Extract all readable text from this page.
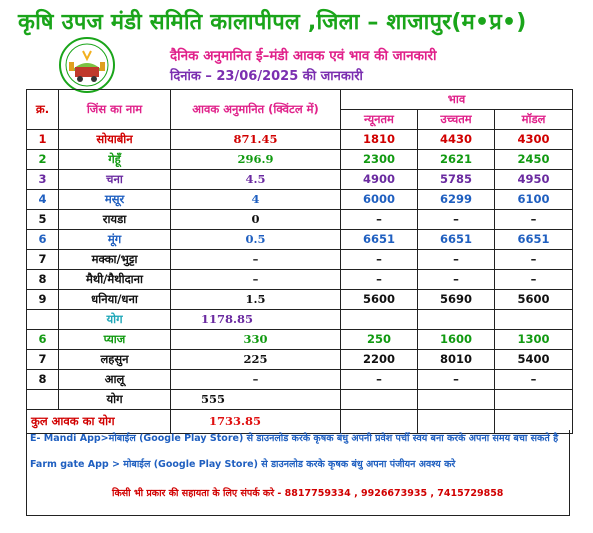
कृषि उपज मंडी समिति कालापीपल ,जिला – शाजापुर(म•प्र•)
दैनिक अनुमानित ई–मंडी आवक एवं भाव की जानकारी
दिनांक – 23/06/2025 की जानकारी
क्र.	जिंस का नाम	आवक अनुमानित (क्विंटल में)	भाव		
			न्यूनतम	उच्चतम	मॉडल
1	सोयाबीन	871.45	1810	4430	4300
2	गेहूँ	296.9	2300	2621	2450
3	चना	4.5	4900	5785	4950
4	मसूर	4	6000	6299	6100
5	रायडा	0	–	–	–
6	मूंग	0.5	6651	6651	6651
7	मक्का/भुट्टा	–	–	–	–
8	मैथी/मैथीदाना	–	–	–	–
9	धनिया/धना	1.5	5600	5690	5600
	योग	1178.85			
6	प्याज	330	250	1600	1300
7	लहसुन	225	2200	8010	5400
8	आलू	–	–	–	–
	योग	555			
कुल आवक का योग		1733.85			
E- Mandi App>मोबाईल (Google Play Store) से डाउनलोड करके कृषक बंधु अपनी प्रवेश पर्ची स्वयं बना करके अपना समय बचा सकते है
Farm gate App > मोबाईल (Google Play Store) से डाउनलोड करके कृषक बंधु अपना पंजीयन अवश्य करे
किसी भी प्रकार की सहायता के लिए संपर्क करे - 8817759334 , 9926673935 , 7415729858
